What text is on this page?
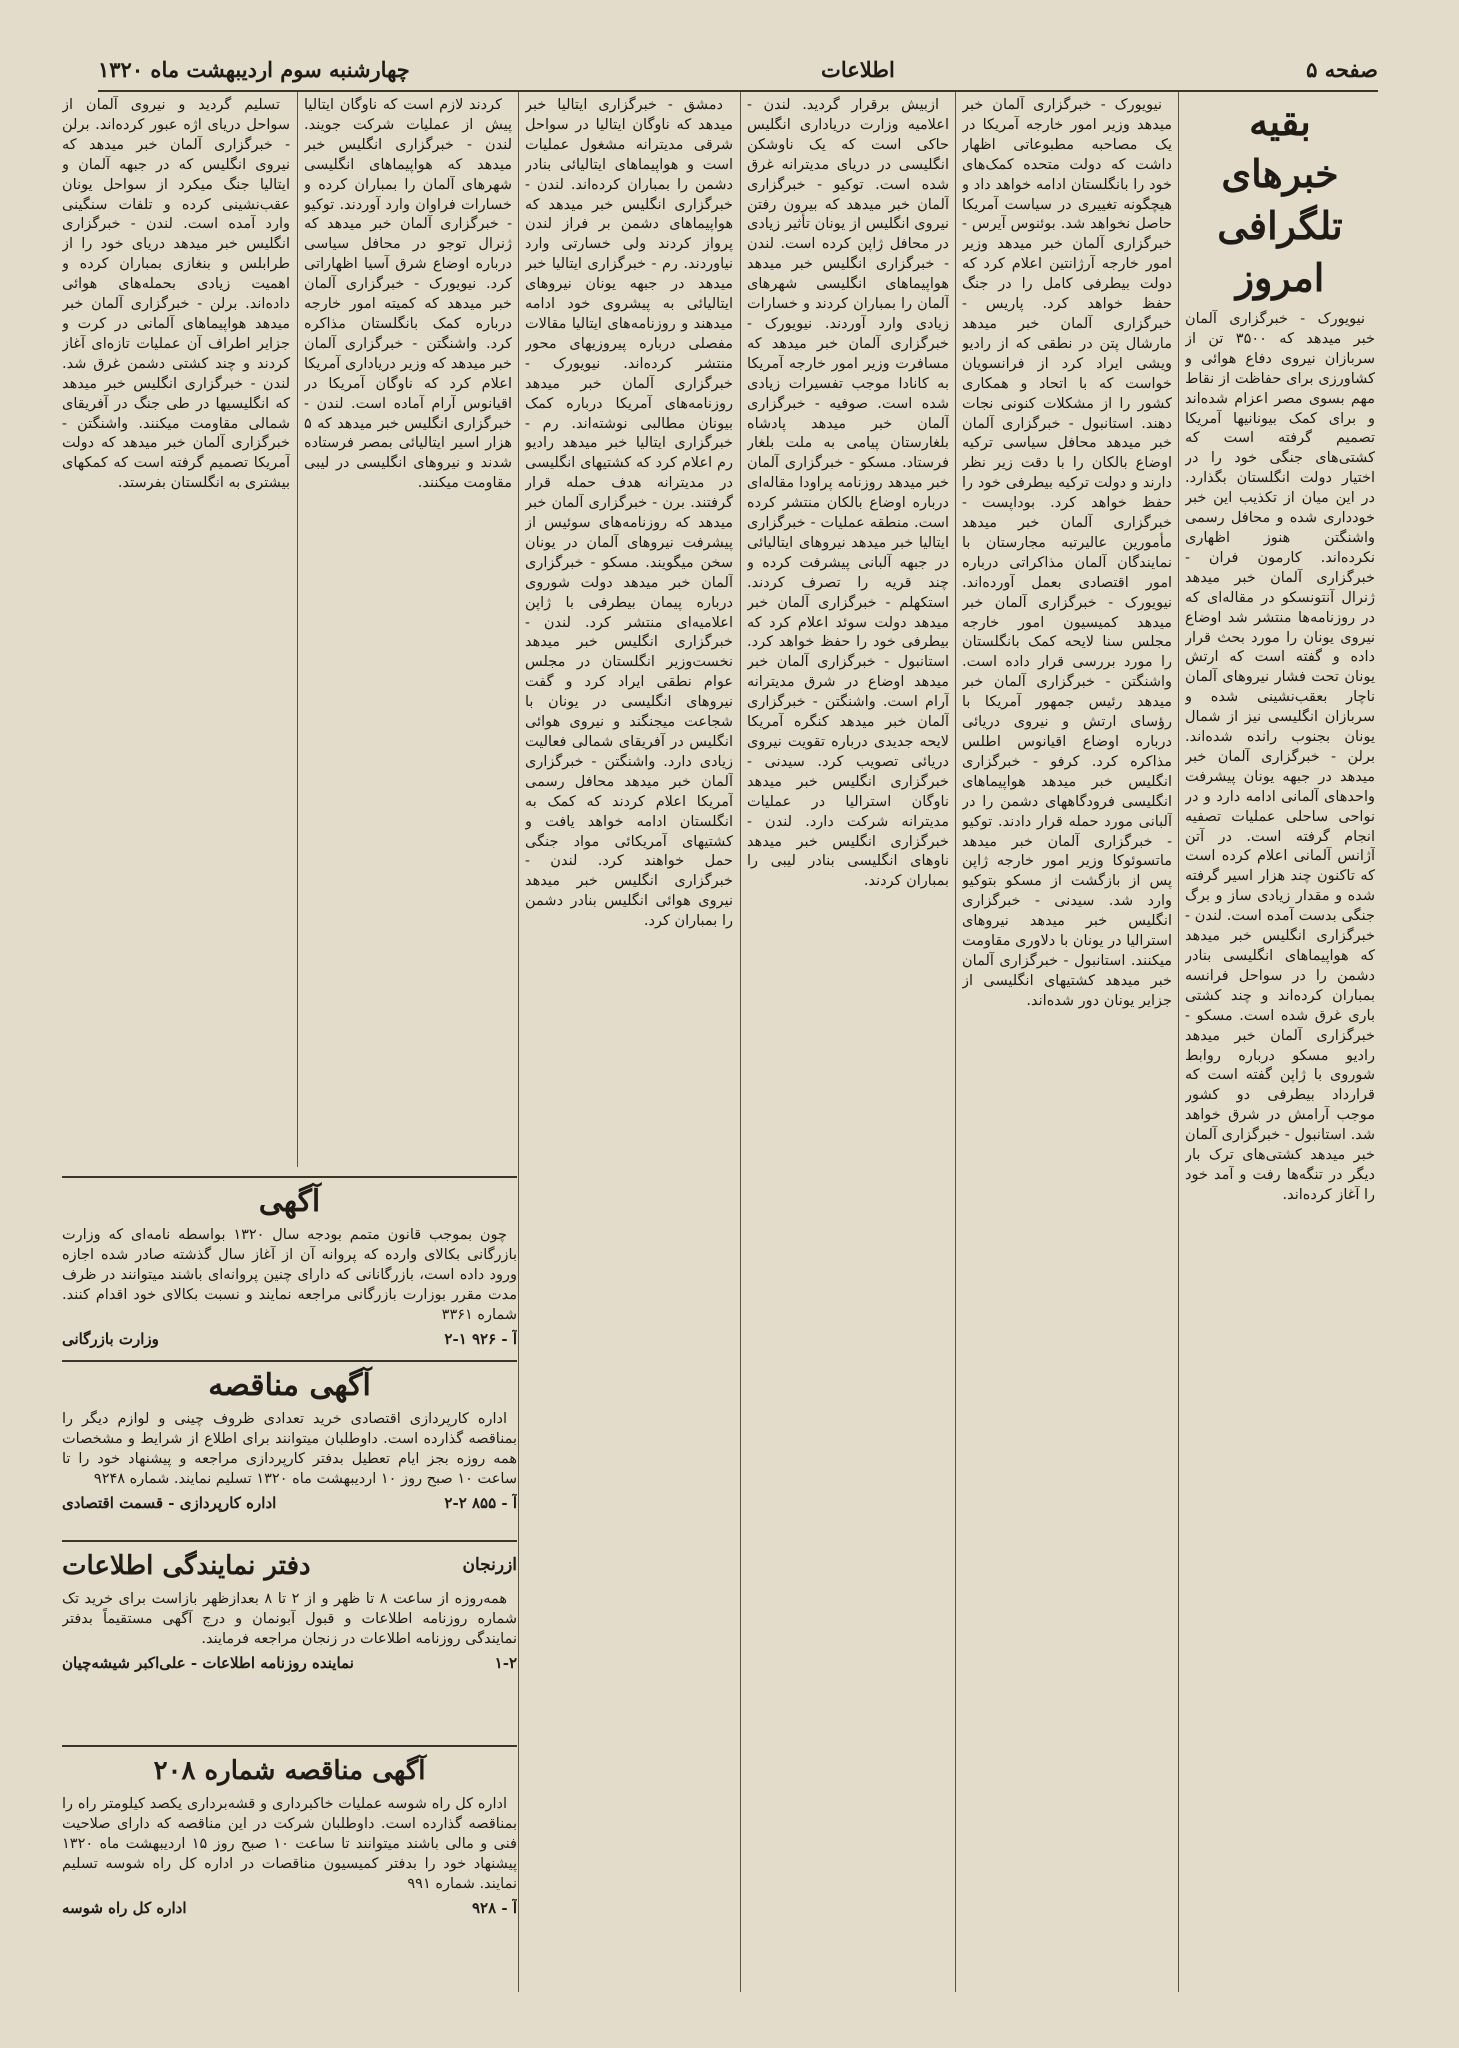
صفحه ۵
اطلاعات
چهارشنبه سوم اردیبهشت ماه ۱۳۲۰
بقیه خبرهای تلگرافی امروز

نیویورک - خبرگزاری آلمان خبر میدهد که ۳۵۰۰ تن از سربازان نیروی دفاع هوائی و کشاورزی برای حفاظت از نقاط مهم بسوی مصر اعزام شده‌اند و برای کمک بیونانیها آمریکا تصمیم گرفته است که کشتی‌های جنگی خود را در اختیار دولت انگلستان بگذارد. در این میان از تکذیب این خبر خودداری شده و محافل رسمی واشنگتن هنوز اظهاری نکرده‌اند. کارمون فران - خبرگزاری آلمان خبر میدهد ژنرال آنتونسکو در مقاله‌ای که در روزنامه‌ها منتشر شد اوضاع نیروی یونان را مورد بحث قرار داده و گفته است که ارتش یونان تحت فشار نیروهای آلمان ناچار بعقب‌نشینی شده و سربازان انگلیسی نیز از شمال یونان بجنوب رانده شده‌اند. برلن - خبرگزاری آلمان خبر میدهد در جبهه یونان پیشرفت واحدهای آلمانی ادامه دارد و در نواحی ساحلی عملیات تصفیه انجام گرفته است. در آتن آژانس آلمانی اعلام کرده است که تاکنون چند هزار اسیر گرفته شده و مقدار زیادی ساز و برگ جنگی بدست آمده است. لندن - خبرگزاری انگلیس خبر میدهد که هواپیماهای انگلیسی بنادر دشمن را در سواحل فرانسه بمباران کرده‌اند و چند کشتی باری غرق شده است. مسکو - خبرگزاری آلمان خبر میدهد رادیو مسکو درباره روابط شوروی با ژاپن گفته است که قرارداد بیطرفی دو کشور موجب آرامش در شرق خواهد شد. استانبول - خبرگزاری آلمان خبر میدهد کشتی‌های ترک بار دیگر در تنگه‌ها رفت و آمد خود را آغاز کرده‌اند.

نیویورک - خبرگزاری آلمان خبر میدهد وزیر امور خارجه آمریکا در یک مصاحبه مطبوعاتی اظهار داشت که دولت متحده کمک‌های خود را بانگلستان ادامه خواهد داد و هیچگونه تغییری در سیاست آمریکا حاصل نخواهد شد. بوئنوس آیرس - خبرگزاری آلمان خبر میدهد وزیر امور خارجه آرژانتین اعلام کرد که دولت بیطرفی کامل را در جنگ حفظ خواهد کرد. پاریس - خبرگزاری آلمان خبر میدهد مارشال پتن در نطقی که از رادیو ویشی ایراد کرد از فرانسویان خواست که با اتحاد و همکاری کشور را از مشکلات کنونی نجات دهند. استانبول - خبرگزاری آلمان خبر میدهد محافل سیاسی ترکیه اوضاع بالکان را با دقت زیر نظر دارند و دولت ترکیه بیطرفی خود را حفظ خواهد کرد. بوداپست - خبرگزاری آلمان خبر میدهد مأمورین عالیرتبه مجارستان با نمایندگان آلمان مذاکراتی درباره امور اقتصادی بعمل آورده‌اند. نیویورک - خبرگزاری آلمان خبر میدهد کمیسیون امور خارجه مجلس سنا لایحه کمک بانگلستان را مورد بررسی قرار داده است. واشنگتن - خبرگزاری آلمان خبر میدهد رئیس جمهور آمریکا با رؤسای ارتش و نیروی دریائی درباره اوضاع اقیانوس اطلس مذاکره کرد. کرفو - خبرگزاری انگلیس خبر میدهد هواپیماهای انگلیسی فرودگاههای دشمن را در آلبانی مورد حمله قرار دادند. توکیو - خبرگزاری آلمان خبر میدهد ماتسوئوکا وزیر امور خارجه ژاپن پس از بازگشت از مسکو بتوکیو وارد شد. سیدنی - خبرگزاری انگلیس خبر میدهد نیروهای استرالیا در یونان با دلاوری مقاومت میکنند. استانبول - خبرگزاری آلمان خبر میدهد کشتیهای انگلیسی از جزایر یونان دور شده‌اند.

ازبیش برقرار گردید. لندن - اعلامیه وزارت دریاداری انگلیس حاکی است که یک ناوشکن انگلیسی در دریای مدیترانه غرق شده است. توکیو - خبرگزاری آلمان خبر میدهد که بیرون رفتن نیروی انگلیس از یونان تأثیر زیادی در محافل ژاپن کرده است. لندن - خبرگزاری انگلیس خبر میدهد هواپیماهای انگلیسی شهرهای آلمان را بمباران کردند و خسارات زیادی وارد آوردند. نیویورک - خبرگزاری آلمان خبر میدهد که مسافرت وزیر امور خارجه آمریکا به کانادا موجب تفسیرات زیادی شده است. صوفیه - خبرگزاری آلمان خبر میدهد پادشاه بلغارستان پیامی به ملت بلغار فرستاد. مسکو - خبرگزاری آلمان خبر میدهد روزنامه پراودا مقاله‌ای درباره اوضاع بالکان منتشر کرده است. منطقه عملیات - خبرگزاری ایتالیا خبر میدهد نیروهای ایتالیائی در جبهه آلبانی پیشرفت کرده و چند قریه را تصرف کردند. استکهلم - خبرگزاری آلمان خبر میدهد دولت سوئد اعلام کرد که بیطرفی خود را حفظ خواهد کرد. استانبول - خبرگزاری آلمان خبر میدهد اوضاع در شرق مدیترانه آرام است. واشنگتن - خبرگزاری آلمان خبر میدهد کنگره آمریکا لایحه جدیدی درباره تقویت نیروی دریائی تصویب کرد. سیدنی - خبرگزاری انگلیس خبر میدهد ناوگان استرالیا در عملیات مدیترانه شرکت دارد. لندن - خبرگزاری انگلیس خبر میدهد ناوهای انگلیسی بنادر لیبی را بمباران کردند.

دمشق - خبرگزاری ایتالیا خبر میدهد که ناوگان ایتالیا در سواحل شرقی مدیترانه مشغول عملیات است و هواپیماهای ایتالیائی بنادر دشمن را بمباران کرده‌اند. لندن - خبرگزاری انگلیس خبر میدهد که هواپیماهای دشمن بر فراز لندن پرواز کردند ولی خسارتی وارد نیاوردند. رم - خبرگزاری ایتالیا خبر میدهد در جبهه یونان نیروهای ایتالیائی به پیشروی خود ادامه میدهند و روزنامه‌های ایتالیا مقالات مفصلی درباره پیروزیهای محور منتشر کرده‌اند. نیویورک - خبرگزاری آلمان خبر میدهد روزنامه‌های آمریکا درباره کمک بیونان مطالبی نوشته‌اند. رم - خبرگزاری ایتالیا خبر میدهد رادیو رم اعلام کرد که کشتیهای انگلیسی در مدیترانه هدف حمله قرار گرفتند. برن - خبرگزاری آلمان خبر میدهد که روزنامه‌های سوئیس از پیشرفت نیروهای آلمان در یونان سخن میگویند. مسکو - خبرگزاری آلمان خبر میدهد دولت شوروی درباره پیمان بیطرفی با ژاپن اعلامیه‌ای منتشر کرد. لندن - خبرگزاری انگلیس خبر میدهد نخست‌وزیر انگلستان در مجلس عوام نطقی ایراد کرد و گفت نیروهای انگلیسی در یونان با شجاعت میجنگند و نیروی هوائی انگلیس در آفریقای شمالی فعالیت زیادی دارد. واشنگتن - خبرگزاری آلمان خبر میدهد محافل رسمی آمریکا اعلام کردند که کمک به انگلستان ادامه خواهد یافت و کشتیهای آمریکائی مواد جنگی حمل خواهند کرد. لندن - خبرگزاری انگلیس خبر میدهد نیروی هوائی انگلیس بنادر دشمن را بمباران کرد.

کردند لازم است که ناوگان ایتالیا پیش از عملیات شرکت جویند. لندن - خبرگزاری انگلیس خبر میدهد که هواپیماهای انگلیسی شهرهای آلمان را بمباران کرده و خسارات فراوان وارد آوردند. توکیو - خبرگزاری آلمان خبر میدهد که ژنرال توجو در محافل سیاسی درباره اوضاع شرق آسیا اظهاراتی کرد. نیویورک - خبرگزاری آلمان خبر میدهد که کمیته امور خارجه درباره کمک بانگلستان مذاکره کرد. واشنگتن - خبرگزاری آلمان خبر میدهد که وزیر دریاداری آمریکا اعلام کرد که ناوگان آمریکا در اقیانوس آرام آماده است. لندن - خبرگزاری انگلیس خبر میدهد که ۵ هزار اسیر ایتالیائی بمصر فرستاده شدند و نیروهای انگلیسی در لیبی مقاومت میکنند.

تسلیم گردید و نیروی آلمان از سواحل دریای اژه عبور کرده‌اند. برلن - خبرگزاری آلمان خبر میدهد که نیروی انگلیس که در جبهه آلمان و ایتالیا جنگ میکرد از سواحل یونان عقب‌نشینی کرده و تلفات سنگینی وارد آمده است. لندن - خبرگزاری انگلیس خبر میدهد دریای خود را از طرابلس و بنغازی بمباران کرده و اهمیت زیادی بحمله‌های هوائی داده‌اند. برلن - خبرگزاری آلمان خبر میدهد هواپیماهای آلمانی در کرت و جزایر اطراف آن عملیات تازه‌ای آغاز کردند و چند کشتی دشمن غرق شد. لندن - خبرگزاری انگلیس خبر میدهد که انگلیسیها در طی جنگ در آفریقای شمالی مقاومت میکنند. واشنگتن - خبرگزاری آلمان خبر میدهد که دولت آمریکا تصمیم گرفته است که کمکهای بیشتری به انگلستان بفرستد.

آگهی

چون بموجب قانون متمم بودجه سال ۱۳۲۰ بواسطه نامه‌ای که وزارت بازرگانی بکالای وارده که پروانه آن از آغاز سال گذشته صادر شده اجازه ورود داده است، بازرگانانی که دارای چنین پروانه‌ای باشند میتوانند در ظرف مدت مقرر بوزارت بازرگانی مراجعه نمایند و نسبت بکالای خود اقدام کنند. شماره ۳۳۶۱

آ - ۹۲۶ ۱-۲
وزارت بازرگانی
آگهی مناقصه

اداره کارپردازی اقتصادی خرید تعدادی ظروف چینی و لوازم دیگر را بمناقصه گذارده است. داوطلبان میتوانند برای اطلاع از شرایط و مشخصات همه روزه بجز ایام تعطیل بدفتر کارپردازی مراجعه و پیشنهاد خود را تا ساعت ۱۰ صبح روز ۱۰ اردیبهشت ماه ۱۳۲۰ تسلیم نمایند. شماره ۹۲۴۸

آ - ۸۵۵ ۲-۲
اداره کارپردازی - قسمت اقتصادی
ازرنجان
دفتر نمایندگی اطلاعات

همه‌روزه از ساعت ۸ تا ظهر و از ۲ تا ۸ بعدازظهر بازاست برای خرید تک شماره روزنامه اطلاعات و قبول آبونمان و درج آگهی مستقیماً بدفتر نمایندگی روزنامه اطلاعات در زنجان مراجعه فرمایند.

۱-۲
نماینده روزنامه اطلاعات - علی‌اکبر شیشه‌چیان
آگهی مناقصه شماره ۲۰۸

اداره کل راه شوسه عملیات خاکبرداری و قشه‌برداری یکصد کیلومتر راه را بمناقصه گذارده است. داوطلبان شرکت در این مناقصه که دارای صلاحیت فنی و مالی باشند میتوانند تا ساعت ۱۰ صبح روز ۱۵ اردیبهشت ماه ۱۳۲۰ پیشنهاد خود را بدفتر کمیسیون مناقصات در اداره کل راه شوسه تسلیم نمایند. شماره ۹۹۱

آ - ۹۲۸
اداره کل راه شوسه
